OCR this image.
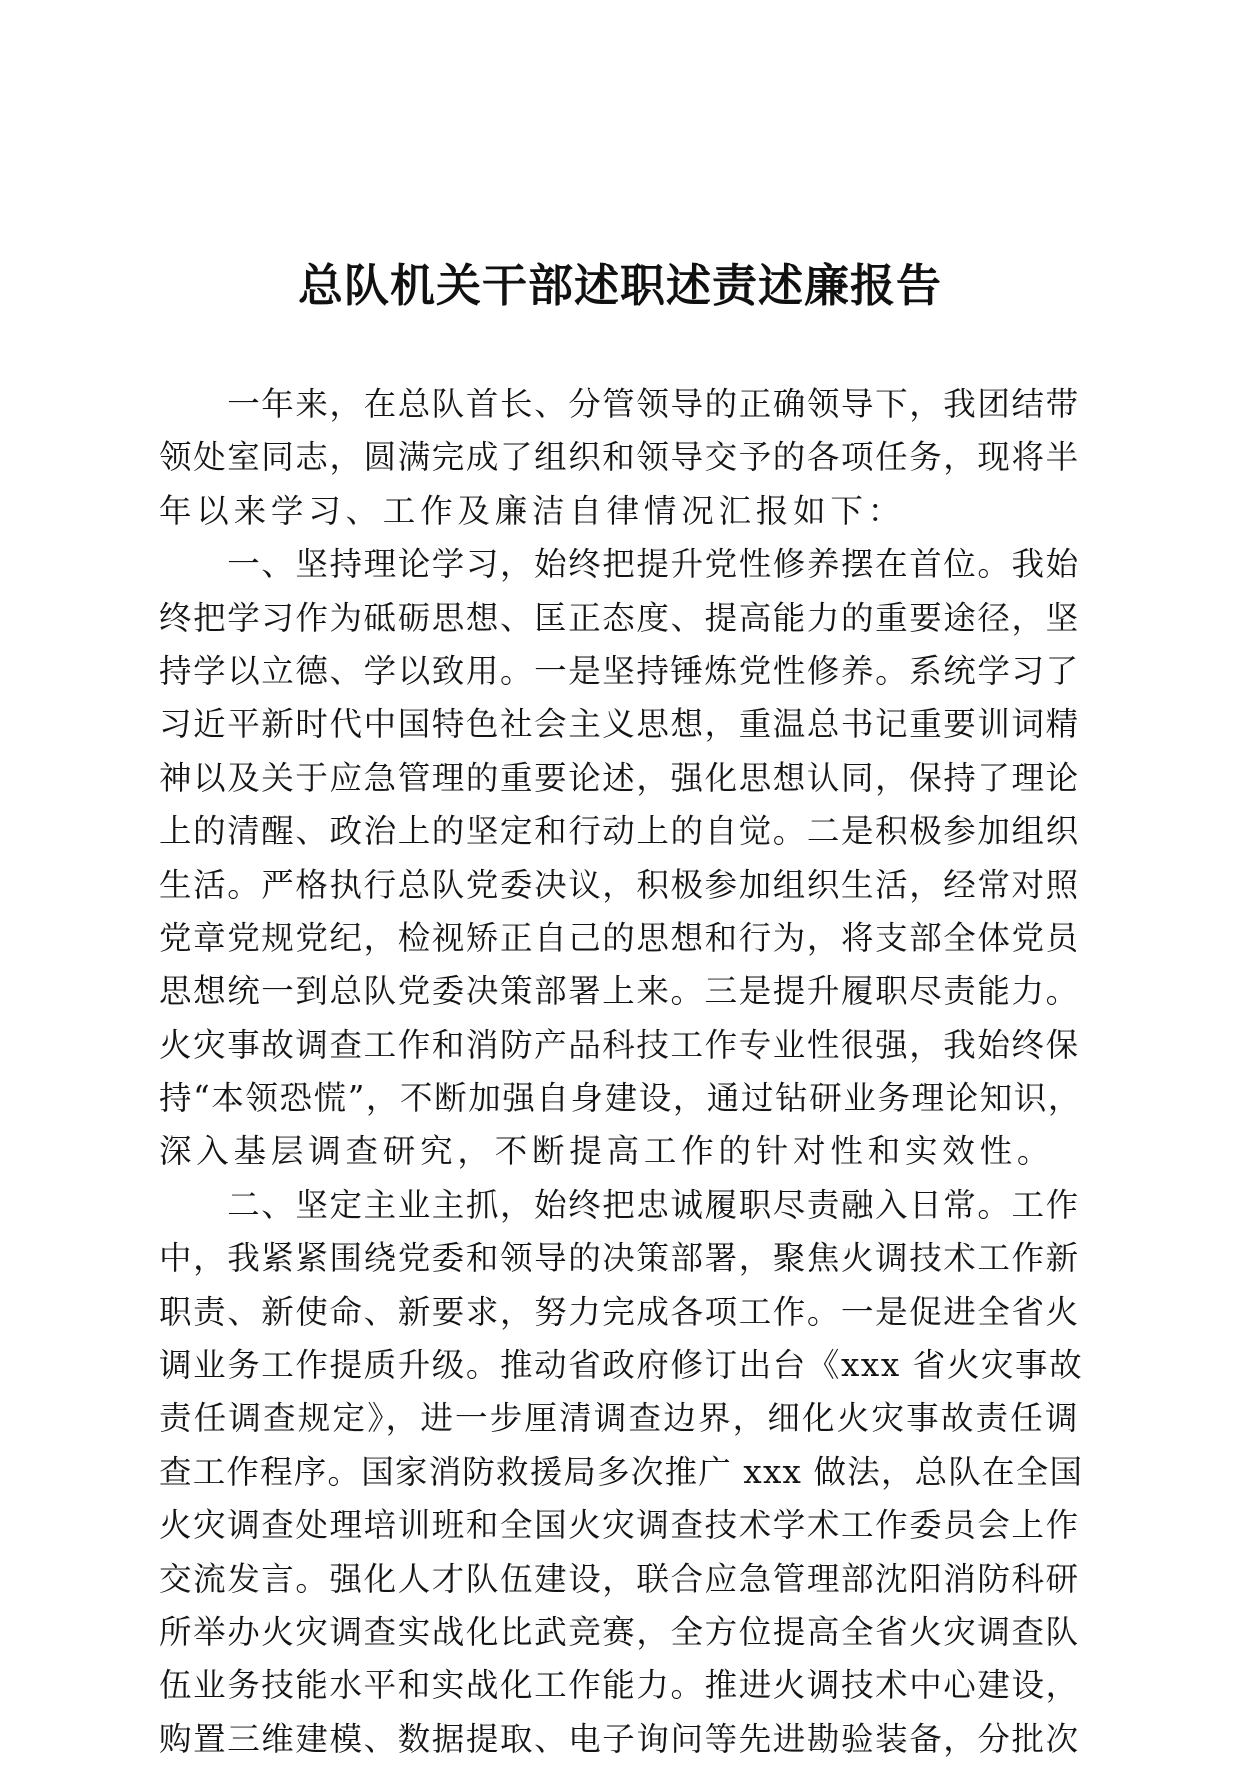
总队机关干部述职述责述廉报告
　　一年来，在总队首长、分管领导的正确领导下，我团结带
领处室同志，圆满完成了组织和领导交予的各项任务，现将半
年以来学习、工作及廉洁自律情况汇报如下：
　　一、坚持理论学习，始终把提升党性修养摆在首位。我始
终把学习作为砥砺思想、匡正态度、提高能力的重要途径，坚
持学以立德、学以致用。一是坚持锤炼党性修养。系统学习了
习近平新时代中国特色社会主义思想，重温总书记重要训词精
神以及关于应急管理的重要论述，强化思想认同，保持了理论
上的清醒、政治上的坚定和行动上的自觉。二是积极参加组织
生活。严格执行总队党委决议，积极参加组织生活，经常对照
党章党规党纪，检视矫正自己的思想和行为，将支部全体党员
思想统一到总队党委决策部署上来。三是提升履职尽责能力。
火灾事故调查工作和消防产品科技工作专业性很强，我始终保
持“本领恐慌”，不断加强自身建设，通过钻研业务理论知识，
深入基层调查研究，不断提高工作的针对性和实效性。
　　二、坚定主业主抓，始终把忠诚履职尽责融入日常。工作
中，我紧紧围绕党委和领导的决策部署，聚焦火调技术工作新
职责、新使命、新要求，努力完成各项工作。一是促进全省火
调业务工作提质升级。推动省政府修订出台《xxx 省火灾事故
责任调查规定》，进一步厘清调查边界，细化火灾事故责任调
查工作程序。国家消防救援局多次推广 xxx 做法，总队在全国
火灾调查处理培训班和全国火灾调查技术学术工作委员会上作
交流发言。强化人才队伍建设，联合应急管理部沈阳消防科研
所举办火灾调查实战化比武竞赛，全方位提高全省火灾调查队
伍业务技能水平和实战化工作能力。推进火调技术中心建设，
购置三维建模、数据提取、电子询问等先进勘验装备，分批次
